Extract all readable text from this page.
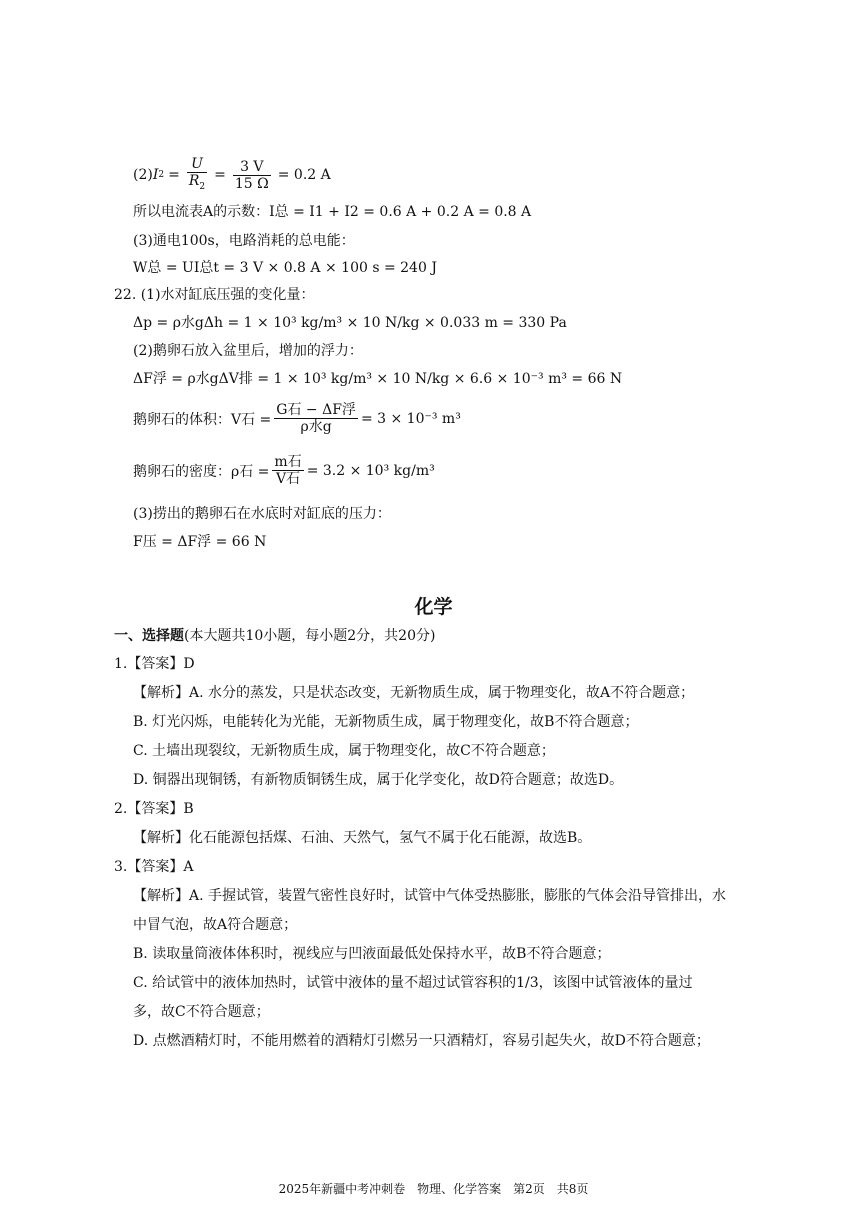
(2) I $2 = \frac{U}{R_2} = \frac{3 V}{15 \Omega} = 0.2$ A
所以电流表A的示数：I总 = I1 + I2 = 0.6 A + 0.2 A = 0.8 A
(3)通电100s，电路消耗的总电能：
W总 = UI总t = 3 V × 0.8 A × 100 s = 240 J
22. (1)水对缸底压强的变化量：
Δp = ρ水gΔh = 1 × 10³ kg/m³ × 10 N/kg × 0.033 m = 330 Pa
(2)鹅卵石放入盆里后，增加的浮力：
ΔF浮 = ρ水gΔV排 = 1 × 10³ kg/m³ × 10 N/kg × 6.6 × 10⁻³ m³ = 66 N
鹅卵石的体积：V石 = $\frac{\text{G石 − ΔF浮}}{\text{ρ水g}} = 3 \times 10^{-3}$ m³
鹅卵石的密度：ρ石 = $\frac{\text{m石}}{\text{V石}} = 3.2 \times 10^3$ kg/m³
(3)捞出的鹅卵石在水底时对缸底的压力：
F压 = ΔF浮 = 66 N
化学
一、选择题(本大题共10小题，每小题2分，共20分)
1.【答案】D
【解析】A. 水分的蒸发，只是状态改变，无新物质生成，属于物理变化，故A不符合题意；
B. 灯光闪烁，电能转化为光能，无新物质生成，属于物理变化，故B不符合题意；
C. 土墙出现裂纹，无新物质生成，属于物理变化，故C不符合题意；
D. 铜器出现铜锈，有新物质铜锈生成，属于化学变化，故D符合题意；故选D。
2.【答案】B
【解析】化石能源包括煤、石油、天然气，氢气不属于化石能源，故选B。
3.【答案】A
【解析】A. 手握试管，装置气密性良好时，试管中气体受热膨胀，膨胀的气体会沿导管排出，水
中冒气泡，故A符合题意；
B. 读取量筒液体体积时，视线应与凹液面最低处保持水平，故B不符合题意；
C. 给试管中的液体加热时，试管中液体的量不超过试管容积的1/3，该图中试管液体的量过
多，故C不符合题意；
D. 点燃酒精灯时，不能用燃着的酒精灯引燃另一只酒精灯，容易引起失火，故D不符合题意；
2025年新疆中考冲刺卷　物理、化学答案　第2页　共8页
